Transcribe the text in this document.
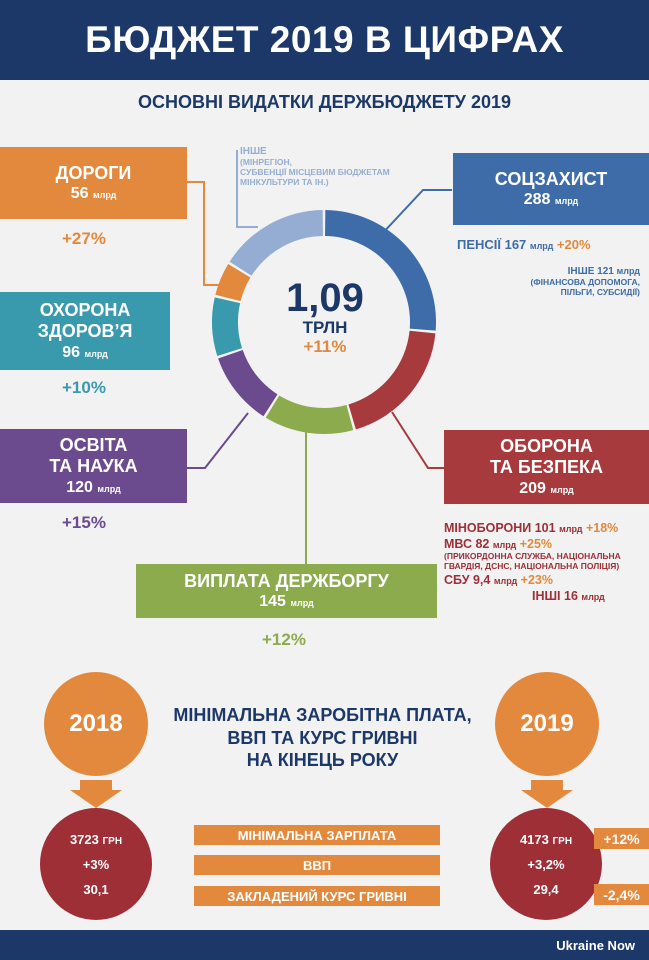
БЮДЖЕТ 2019 В ЦИФРАХ
ОСНОВНІ ВИДАТКИ ДЕРЖБЮДЖЕТУ 2019
1,09
ТРЛН
+11%
ДОРОГИ
56 млрд
+27%
ОХОРОНА
ЗДОРОВ’Я
96 млрд
+10%
ОСВІТА
ТА НАУКА
120 млрд
+15%
ВИПЛАТА ДЕРЖБОРГУ
145 млрд
+12%
СОЦЗАХИСТ
288 млрд
ПЕНСІЇ 167 млрд +20%
ІНШЕ 121 млрд
(ФІНАНСОВА ДОПОМОГА,
ПІЛЬГИ, СУБСИДІЇ)
ОБОРОНА
ТА БЕЗПЕКА
209 млрд
МІНОБОРОНИ 101 млрд +18%
МВС 82 млрд +25%
(ПРИКОРДОННА СЛУЖБА, НАЦІОНАЛЬНА
ГВАРДІЯ, ДСНС, НАЦІОНАЛЬНА ПОЛІЦІЯ)
СБУ 9,4 млрд +23%
ІНШІ 16 млрд
ІНШЕ
(МІНРЕГІОН,
СУБВЕНЦІЇ МІСЦЕВИМ БЮДЖЕТАМ
МІНКУЛЬТУРИ ТА ІН.)
2018	2019
МІНІМАЛЬНА ЗАРОБІТНА ПЛАТА,
ВВП ТА КУРС ГРИВНІ
НА КІНЕЦЬ РОКУ
3723 ГРН
+3%
30,1
4173 ГРН
+3,2%
29,4
МІНІМАЛЬНА ЗАРПЛАТА
ВВП
ЗАКЛАДЕНИЙ КУРС ГРИВНІ
+12%
-2,4%
Ukraine Now
